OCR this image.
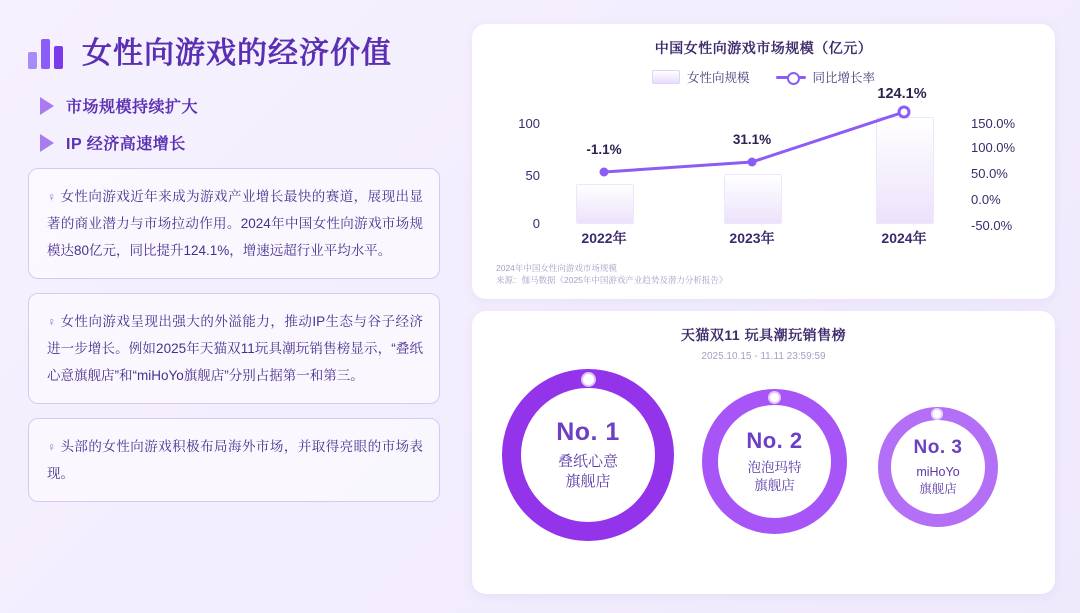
女性向游戏的经济价值
市场规模持续扩大
IP 经济高速增长

♀ 女性向游戏近年来成为游戏产业增长最快的赛道，展现出显著的商业潜力与市场拉动作用。2024年中国女性向游戏市场规模达80亿元，同比提升124.1%，增速远超行业平均水平。

♀ 女性向游戏呈现出强大的外溢能力，推动IP生态与谷子经济进一步增长。例如2025年天猫双11玩具潮玩销售榜显示，“叠纸心意旗舰店”和“miHoYo旗舰店”分别占据第一和第三。

♀ 头部的女性向游戏积极布局海外市场，并取得亮眼的市场表现。

中国女性向游戏市场规模（亿元）
女性向规模	同比增长率
100
50
0
-1.1%
31.1%
124.1%
2022年	2023年	2024年
150.0%
100.0%
50.0%
0.0%
-50.0%
2024年中国女性向游戏市场规模
来源：伽马数据《2025年中国游戏产业趋势及潜力分析报告》
天猫双11 玩具潮玩销售榜
2025.10.15 - 11.11 23:59:59
No. 1
叠纸心意
旗舰店
No. 2
泡泡玛特
旗舰店
No. 3
miHoYo
旗舰店
